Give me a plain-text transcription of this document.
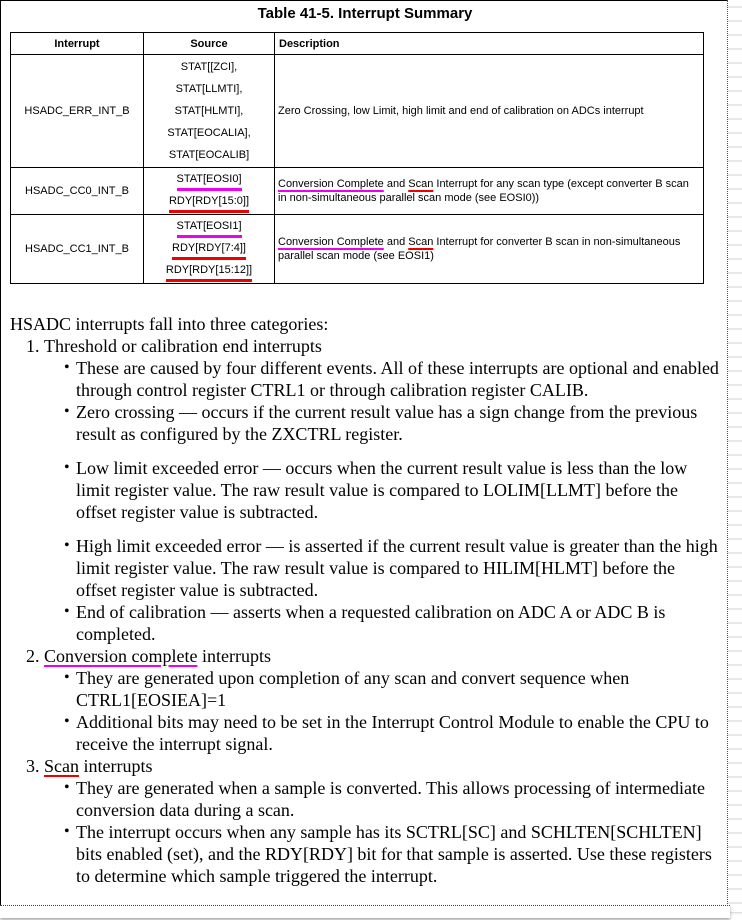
Table 41-5. Interrupt Summary
Interrupt	Source	Description
HSADC_ERR_INT_B	STAT[[ZCI],
STAT[LLMTI],
STAT[HLMTI],
STAT[EOCALIA],
STAT[EOCALIB]	Zero Crossing, low Limit, high limit and end of calibration on ADCs interrupt
HSADC_CC0_INT_B	STAT[EOSI0]
RDY[RDY[15:0]]	Conversion Complete and Scan Interrupt for any scan type (except converter B scan in non-simultaneous parallel scan mode (see EOSI0))
HSADC_CC1_INT_B	STAT[EOSI1]
RDY[RDY[7:4]]
RDY[RDY[15:12]]	Conversion Complete and Scan Interrupt for converter B scan in non-simultaneous parallel scan mode (see EOSI1)

HSADC interrupts fall into three categories:

1. Threshold or calibration end interrupts
• These are caused by four different events. All of these interrupts are optional and enabled through control register CTRL1 or through calibration register CALIB.
• Zero crossing — occurs if the current result value has a sign change from the previous result as configured by the ZXCTRL register.
• Low limit exceeded error — occurs when the current result value is less than the low limit register value. The raw result value is compared to LOLIM[LLMT] before the offset register value is subtracted.
• High limit exceeded error — is asserted if the current result value is greater than the high limit register value. The raw result value is compared to HILIM[HLMT] before the offset register value is subtracted.
• End of calibration — asserts when a requested calibration on ADC A or ADC B is completed.
2. Conversion complete interrupts
• They are generated upon completion of any scan and convert sequence when CTRL1[EOSIEA]=1
• Additional bits may need to be set in the Interrupt Control Module to enable the CPU to receive the interrupt signal.
3. Scan interrupts
• They are generated when a sample is converted. This allows processing of intermediate conversion data during a scan.
• The interrupt occurs when any sample has its SCTRL[SC] and SCHLTEN[SCHLTEN] bits enabled (set), and the RDY[RDY] bit for that sample is asserted. Use these registers to determine which sample triggered the interrupt.
